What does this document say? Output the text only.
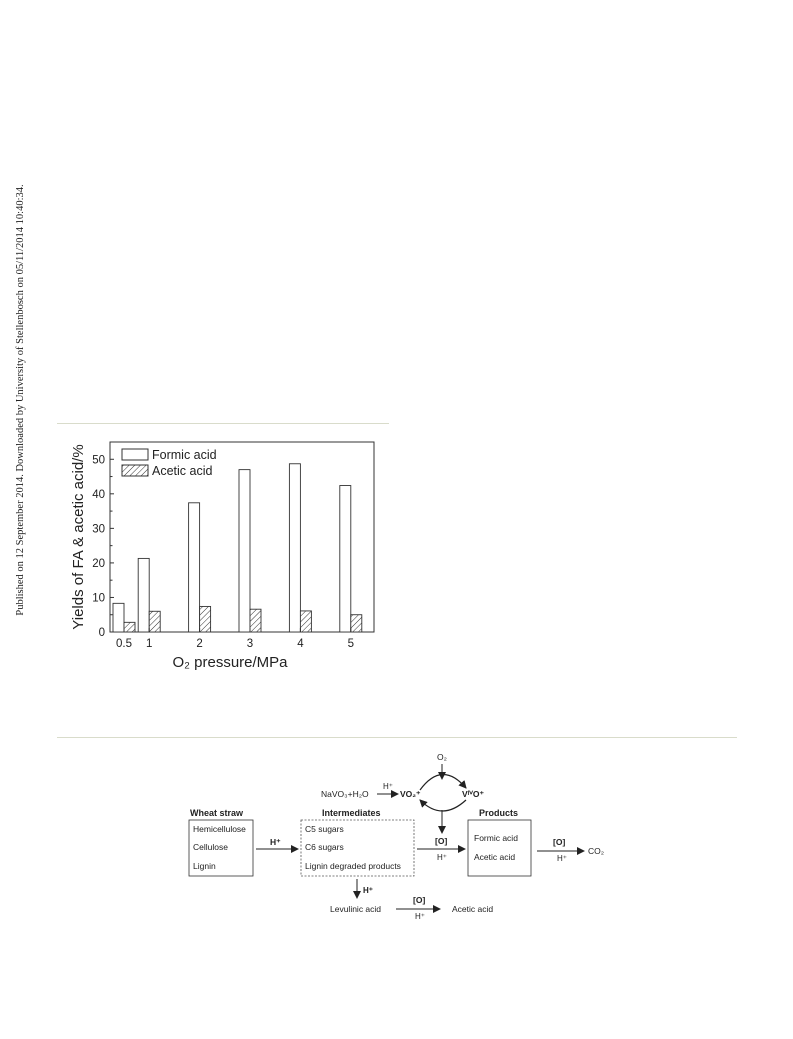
Published on 12 September 2014. Downloaded by University of Stellenbosch on 05/11/2014 10:40:34.
0
10
20
30
40
50
0.5 1	2	3	4	5
Formic acid
Acetic acid
Yields of FA & acetic acid/%
O₂ pressure/MPa
Wheat straw
Hemicellulose
Cellulose
Lignin
H⁺
Intermediates
C5 sugars
C6 sugars
Lignin degraded products
[O]
H⁺
Products
Formic acid
Acetic acid
[O]
H⁺
CO₂
O₂
NaVO₃+H₂O
H⁺
VO₂⁺	VᴵⱽO⁺
H⁺
Levulinic acid
[O]
H⁺
Acetic acid
